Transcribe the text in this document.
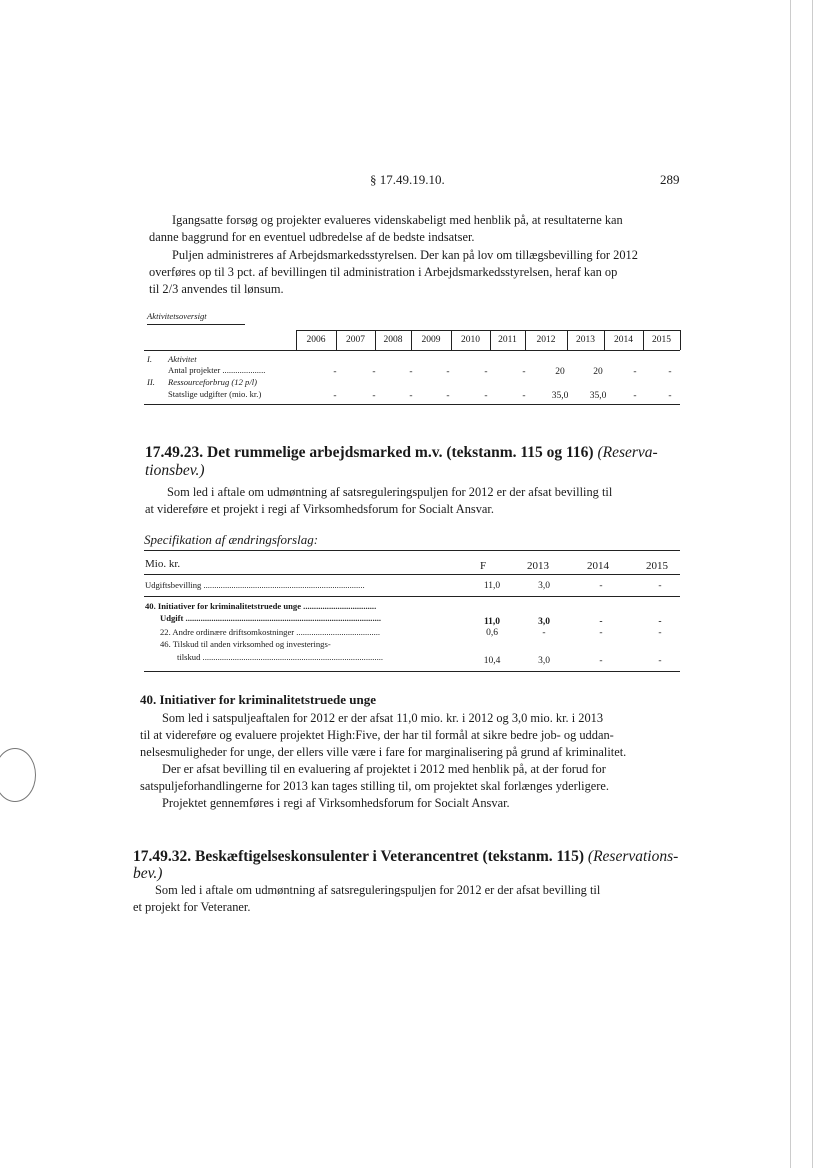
§ 17.49.19.10.	289
Igangsatte forsøg og projekter evalueres videnskabeligt med henblik på, at resultaterne kan
danne baggrund for en eventuel udbredelse af de bedste indsatser.
Puljen administreres af Arbejdsmarkedsstyrelsen. Der kan på lov om tillægsbevilling for 2012
overføres op til 3 pct. af bevillingen til administration i Arbejdsmarkedsstyrelsen, heraf kan op
til 2/3 anvendes til lønsum.
Aktivitetsoversigt
2006	2007	2008	2009	2010	2011	2012	2013	2014	2015
I. Aktivitet
Antal projekter ....................	-	-	-	-	-	-	20	20	-	-
II. Ressourceforbrug (12 p/l)
Statslige udgifter (mio. kr.)	-	-	-	-	-	-	35,0	35,0	-	-
17.49.23. Det rummelige arbejdsmarked m.v. (tekstanm. 115 og 116) (Reserva-
tionsbev.)
Som led i aftale om udmøntning af satsreguleringspuljen for 2012 er der afsat bevilling til
at videreføre et projekt i regi af Virksomhedsforum for Socialt Ansvar.
Specifikation af ændringsforslag:
Mio. kr.	F	2013	2014	2015
Udgiftsbevilling ...........................................................................	11,0	3,0	-	-
40. Initiativer for kriminalitetstruede unge ..................................
Udgift ...........................................................................................	11,0	3,0	-	-
22. Andre ordinære driftsomkostninger .......................................	0,6	-	-	-
46. Tilskud til anden virksomhed og investerings-
tilskud ....................................................................................	10,4	3,0	-	-
40. Initiativer for kriminalitetstruede unge
Som led i satspuljeaftalen for 2012 er der afsat 11,0 mio. kr. i 2012 og 3,0 mio. kr. i 2013
til at videreføre og evaluere projektet High:Five, der har til formål at sikre bedre job- og uddan-
nelsesmuligheder for unge, der ellers ville være i fare for marginalisering på grund af kriminalitet.
Der er afsat bevilling til en evaluering af projektet i 2012 med henblik på, at der forud for
satspuljeforhandlingerne for 2013 kan tages stilling til, om projektet skal forlænges yderligere.
Projektet gennemføres i regi af Virksomhedsforum for Socialt Ansvar.
17.49.32. Beskæftigelseskonsulenter i Veterancentret (tekstanm. 115) (Reservations-
bev.)
Som led i aftale om udmøntning af satsreguleringspuljen for 2012 er der afsat bevilling til
et projekt for Veteraner.
